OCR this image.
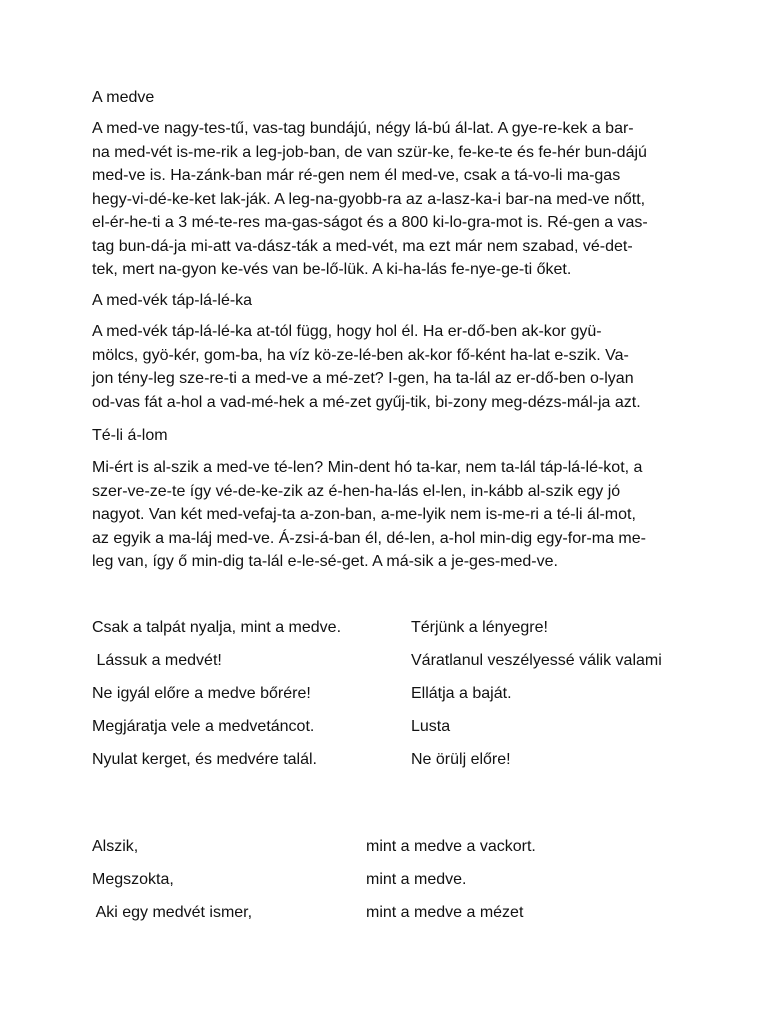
A medve
A med-ve nagy-tes-tű, vas-tag bundájú, négy lá-bú ál-lat. A gye-re-kek a bar-
na med-vét is-me-rik a leg-job-ban, de van szür-ke, fe-ke-te és fe-hér bun-dájú
med-ve is. Ha-zánk-ban már ré-gen nem él med-ve, csak a tá-vo-li ma-gas
hegy-vi-dé-ke-ket lak-ják. A leg-na-gyobb-ra az a-lasz-ka-i bar-na med-ve nőtt,
el-ér-he-ti a 3 mé-te-res ma-gas-ságot és a 800 ki-lo-gra-mot is. Ré-gen a vas-
tag bun-dá-ja mi-att va-dász-ták a med-vét, ma ezt már nem szabad, vé-det-
tek, mert na-gyon ke-vés van be-lő-lük. A ki-ha-lás fe-nye-ge-ti őket.
A med-vék táp-lá-lé-ka
A med-vék táp-lá-lé-ka at-tól függ, hogy hol él. Ha er-dő-ben ak-kor gyü-
mölcs, gyö-kér, gom-ba, ha víz kö-ze-lé-ben ak-kor fő-ként ha-lat e-szik. Va-
jon tény-leg sze-re-ti a med-ve a mé-zet? I-gen, ha ta-lál az er-dő-ben o-lyan
od-vas fát a-hol a vad-mé-hek a mé-zet gyűj-tik, bi-zony meg-dézs-mál-ja azt.
Té-li á-lom
Mi-ért is al-szik a med-ve té-len? Min-dent hó ta-kar, nem ta-lál táp-lá-lé-kot, a
szer-ve-ze-te így vé-de-ke-zik az é-hen-ha-lás el-len, in-kább al-szik egy jó
nagyot. Van két med-vefaj-ta a-zon-ban, a-me-lyik nem is-me-ri a té-li ál-mot,
az egyik a ma-láj med-ve. Á-zsi-á-ban él, dé-len, a-hol min-dig egy-for-ma me-
leg van, így ő min-dig ta-lál e-le-sé-get. A má-sik a je-ges-med-ve.
Csak a talpát nyalja, mint a medve.	Térjünk a lényegre!
Lássuk a medvét!	Váratlanul veszélyessé válik valami
Ne igyál előre a medve bőrére!	Ellátja a baját.
Megjáratja vele a medvetáncot.	Lusta
Nyulat kerget, és medvére talál.	Ne örülj előre!
Alszik,	mint a medve a vackort.
Megszokta,	mint a medve.
Aki egy medvét ismer,	mint a medve a mézet
